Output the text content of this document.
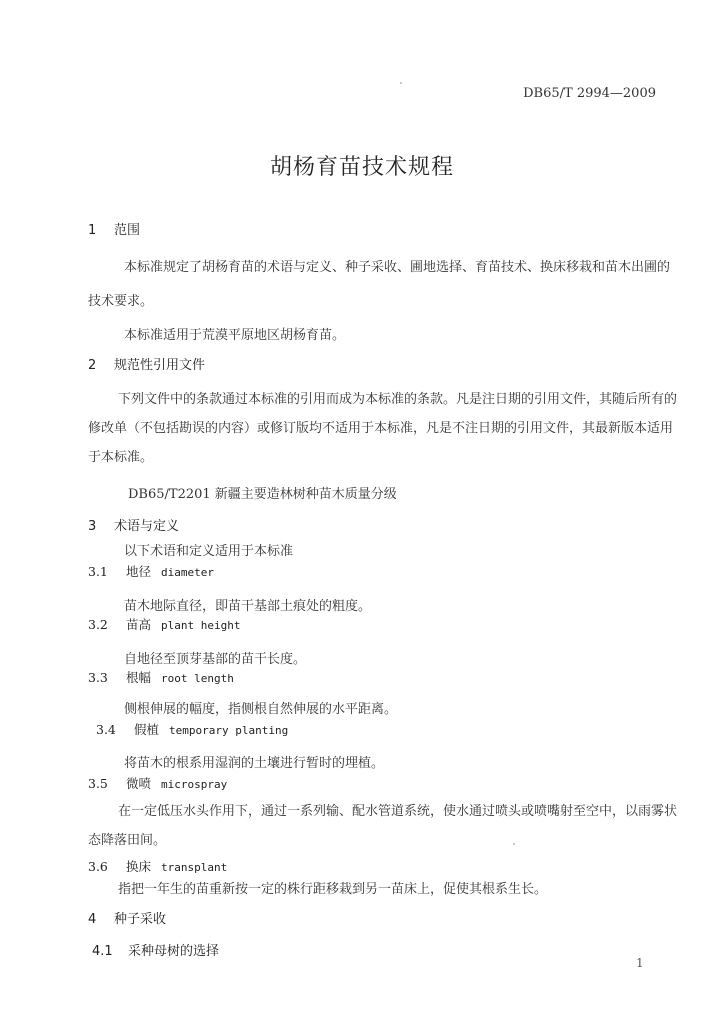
DB65/T 2994—2009
胡杨育苗技术规程
1 范围
本标准规定了胡杨育苗的术语与定义、种子采收、圃地选择、育苗技术、换床移栽和苗木出圃的
技术要求。
本标准适用于荒漠平原地区胡杨育苗。
2 规范性引用文件
下列文件中的条款通过本标准的引用而成为本标准的条款。凡是注日期的引用文件，其随后所有的
修改单（不包括勘误的内容）或修订版均不适用于本标准，凡是不注日期的引用文件，其最新版本适用
于本标准。
DB65/T2201 新疆主要造林树种苗木质量分级
3 术语与定义
以下术语和定义适用于本标准
3.1 地径 diameter
苗木地际直径，即苗干基部土痕处的粗度。
3.2 苗高 plant height
自地径至顶芽基部的苗干长度。
3.3 根幅 root length
侧根伸展的幅度，指侧根自然伸展的水平距离。
3.4 假植 temporary planting
将苗木的根系用湿润的土壤进行暂时的埋植。
3.5 微喷 microspray
在一定低压水头作用下，通过一系列输、配水管道系统，使水通过喷头或喷嘴射至空中，以雨雾状
态降落田间。
3.6 换床 transplant
指把一年生的苗重新按一定的株行距移栽到另一苗床上，促使其根系生长。
4 种子采收
4.1 采种母树的选择
1
